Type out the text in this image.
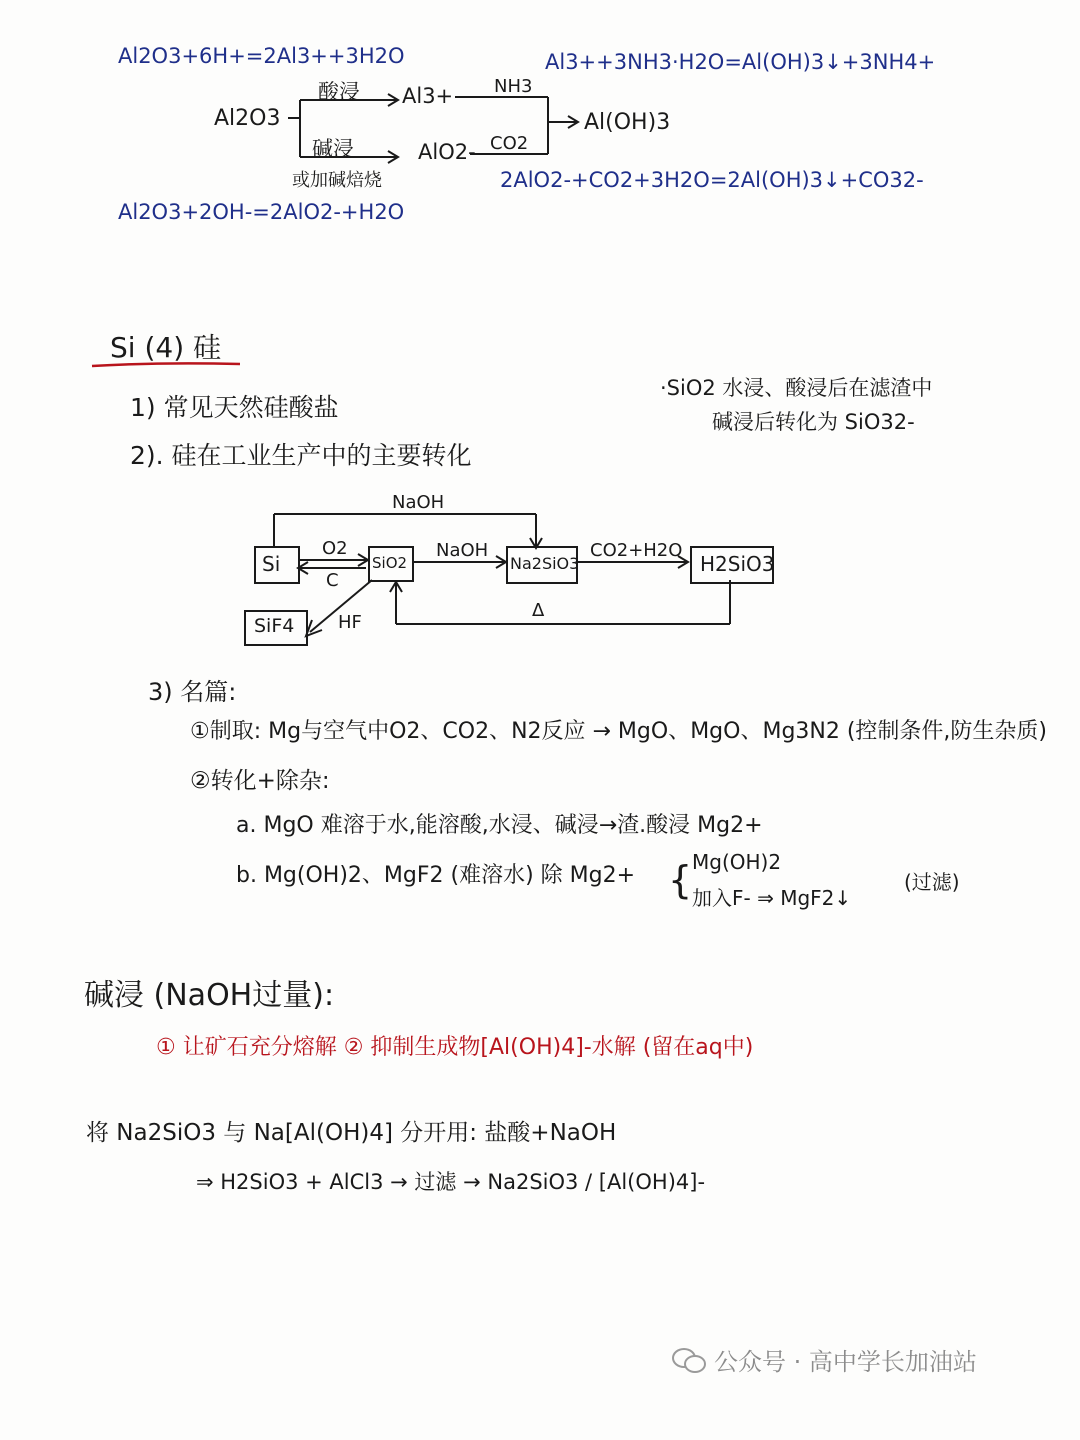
Al2O3+6H+=2Al3++3H2O	Al3++3NH3·H2O=Al(OH)3↓+3NH4+
Al2O3
酸浸
碱浸
Al3+
AlO2-
NH3
CO2
Al(OH)3
或加碱焙烧	2AlO2-+CO2+3H2O=2Al(OH)3↓+CO32-
Al2O3+2OH-=2AlO2-+H2O
Si (4) 硅
·SiO2 水浸、酸浸后在滤渣中
碱浸后转化为 SiO32-
1) 常见天然硅酸盐
2). 硅在工业生产中的主要转化
NaOH
Si
O2
C
SiO2
NaOH
Na2SiO3
CO2+H2O
H2SiO3
SiF4 HF
Δ
3) 名篇:
①制取: Mg与空气中O2、CO2、N2反应 → MgO、MgO、Mg3N2 (控制条件,防生杂质)
②转化+除杂:
a. MgO 难溶于水,能溶酸,水浸、碱浸→渣.酸浸 Mg2+
b. Mg(OH)2、MgF2 (难溶水) 除 Mg2+ { Mg(OH)2
加入F- ⇒ MgF2↓
(过滤)
碱浸 (NaOH过量):
① 让矿石充分熔解 ② 抑制生成物[Al(OH)4]-水解 (留在aq中)
将 Na2SiO3 与 Na[Al(OH)4] 分开用: 盐酸+NaOH
⇒ H2SiO3 + AlCl3 → 过滤 → Na2SiO3 / [Al(OH)4]-
公众号 · 高中学长加油站
